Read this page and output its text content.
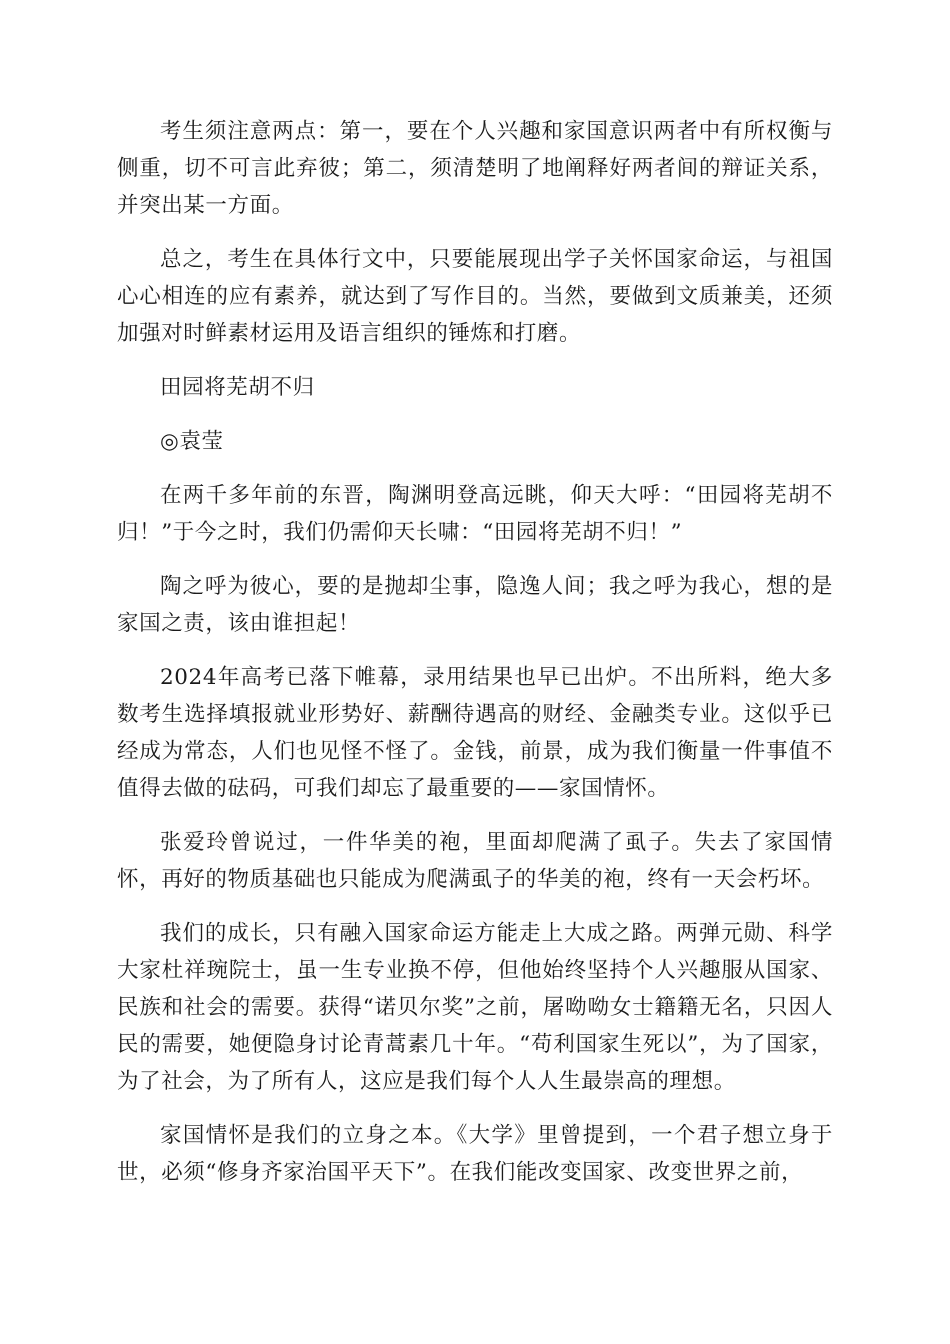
考生须注意两点：第一，要在个人兴趣和家国意识两者中有所权衡与侧重，切不可言此弃彼；第二，须清楚明了地阐释好两者间的辩证关系，并突出某一方面。

总之，考生在具体行文中，只要能展现出学子关怀国家命运，与祖国心心相连的应有素养，就达到了写作目的。当然，要做到文质兼美，还须加强对时鲜素材运用及语言组织的锤炼和打磨。

田园将芜胡不归

◎袁莹

在两千多年前的东晋，陶渊明登高远眺，仰天大呼：“田园将芜胡不归！”于今之时，我们仍需仰天长啸：“田园将芜胡不归！”

陶之呼为彼心，要的是抛却尘事，隐逸人间；我之呼为我心，想的是家国之责，该由谁担起！

2024年高考已落下帷幕，录用结果也早已出炉。不出所料，绝大多数考生选择填报就业形势好、薪酬待遇高的财经、金融类专业。这似乎已经成为常态，人们也见怪不怪了。金钱，前景，成为我们衡量一件事值不值得去做的砝码，可我们却忘了最重要的——家国情怀。

张爱玲曾说过，一件华美的袍，里面却爬满了虱子。失去了家国情怀，再好的物质基础也只能成为爬满虱子的华美的袍，终有一天会朽坏。

我们的成长，只有融入国家命运方能走上大成之路。两弹元勋、科学大家杜祥琬院士，虽一生专业换不停，但他始终坚持个人兴趣服从国家、民族和社会的需要。获得“诺贝尔奖”之前，屠呦呦女士籍籍无名，只因人民的需要，她便隐身讨论青蒿素几十年。“苟利国家生死以”，为了国家，为了社会，为了所有人，这应是我们每个人人生最崇高的理想。

家国情怀是我们的立身之本。《大学》里曾提到，一个君子想立身于世，必须“修身齐家治国平天下”。在我们能改变国家、改变世界之前，
